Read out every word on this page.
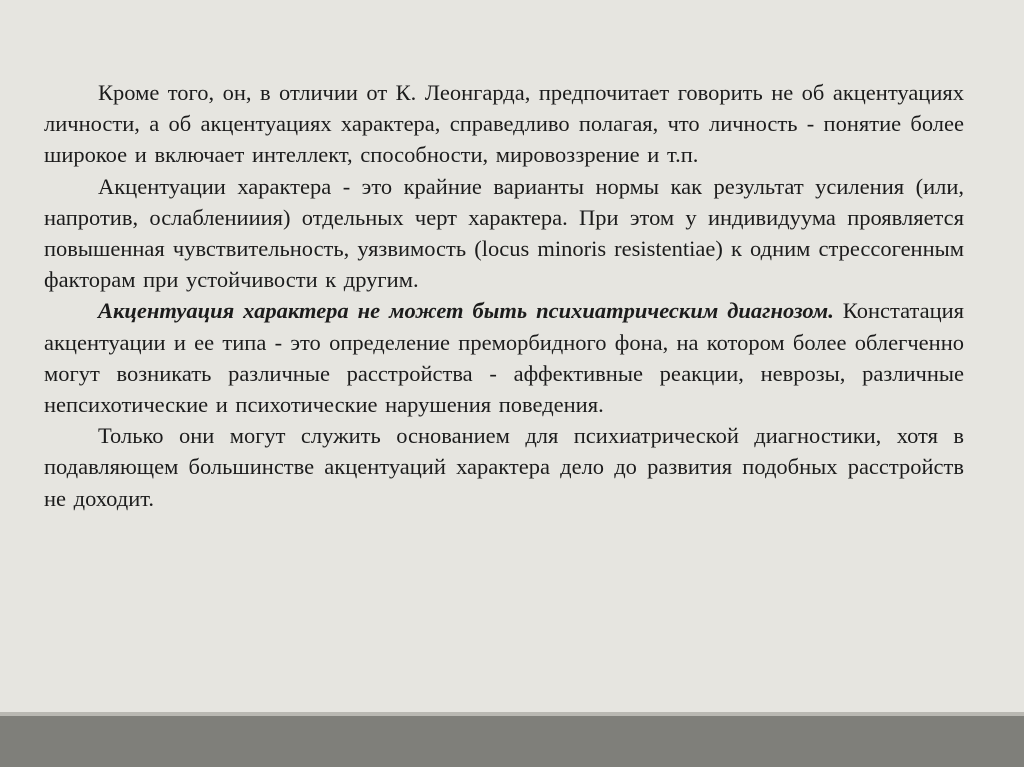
Кроме того, он, в отличии от К. Леонгарда, предпочитает говорить не об акцентуациях личности, а об акцентуациях характера, справедливо полагая, что личность - понятие более широкое и включает интеллект, способности, мировоззрение и т.п.

Акцентуации характера - это крайние варианты нормы как результат усиления (или, напротив, ослабленииия) отдельных черт характера. При этом у индивидуума проявляется повышенная чувствительность, уязвимость (locus minoris resistentiae) к одним стрессогенным факторам при устойчивости к другим.

Акцентуация характера не может быть психиатрическим диагнозом. Констатация акцентуации и ее типа - это определение преморбидного фона, на котором более облегченно могут возникать различные расстройства - аффективные реакции, неврозы, различные непсихотические и психотические нарушения поведения.

Только они могут служить основанием для психиатрической диагностики, хотя в подавляющем большинстве акцентуаций характера дело до развития подобных расстройств не доходит.
